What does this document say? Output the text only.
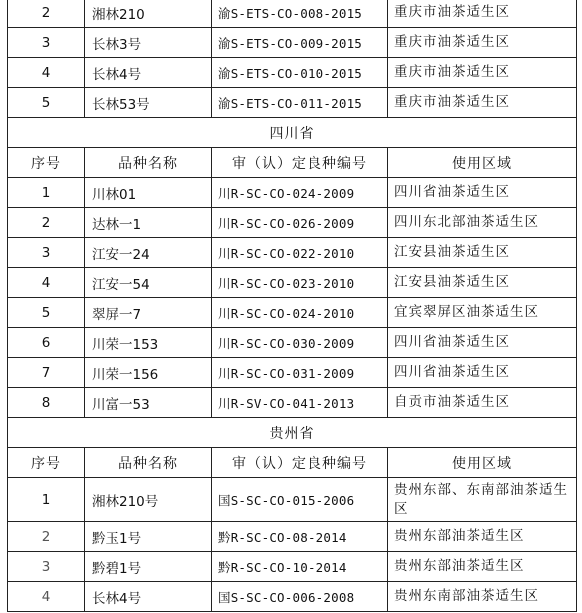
2	湘林210	渝S-ETS-CO-008-2015	重庆市油茶适生区
3	长林3号	渝S-ETS-CO-009-2015	重庆市油茶适生区
4	长林4号	渝S-ETS-CO-010-2015	重庆市油茶适生区
5	长林53号	渝S-ETS-CO-011-2015	重庆市油茶适生区
四川省			
序号	品种名称	审（认）定良种编号	使用区域
1	川林01	川R-SC-CO-024-2009	四川省油茶适生区
2	达林一1	川R-SC-CO-026-2009	四川东北部油茶适生区
3	江安一24	川R-SC-CO-022-2010	江安县油茶适生区
4	江安一54	川R-SC-CO-023-2010	江安县油茶适生区
5	翠屏一7	川R-SC-CO-024-2010	宜宾翠屏区油茶适生区
6	川荣一153	川R-SC-CO-030-2009	四川省油茶适生区
7	川荣一156	川R-SC-CO-031-2009	四川省油茶适生区
8	川富一53	川R-SV-CO-041-2013	自贡市油茶适生区
贵州省			
序号	品种名称	审（认）定良种编号	使用区域
1	湘林210号	国S-SC-CO-015-2006	贵州东部、东南部油茶适生区
2	黔玉1号	黔R-SC-CO-08-2014	贵州东部油茶适生区
3	黔碧1号	黔R-SC-CO-10-2014	贵州东部油茶适生区
4	长林4号	国S-SC-CO-006-2008	贵州东南部油茶适生区
